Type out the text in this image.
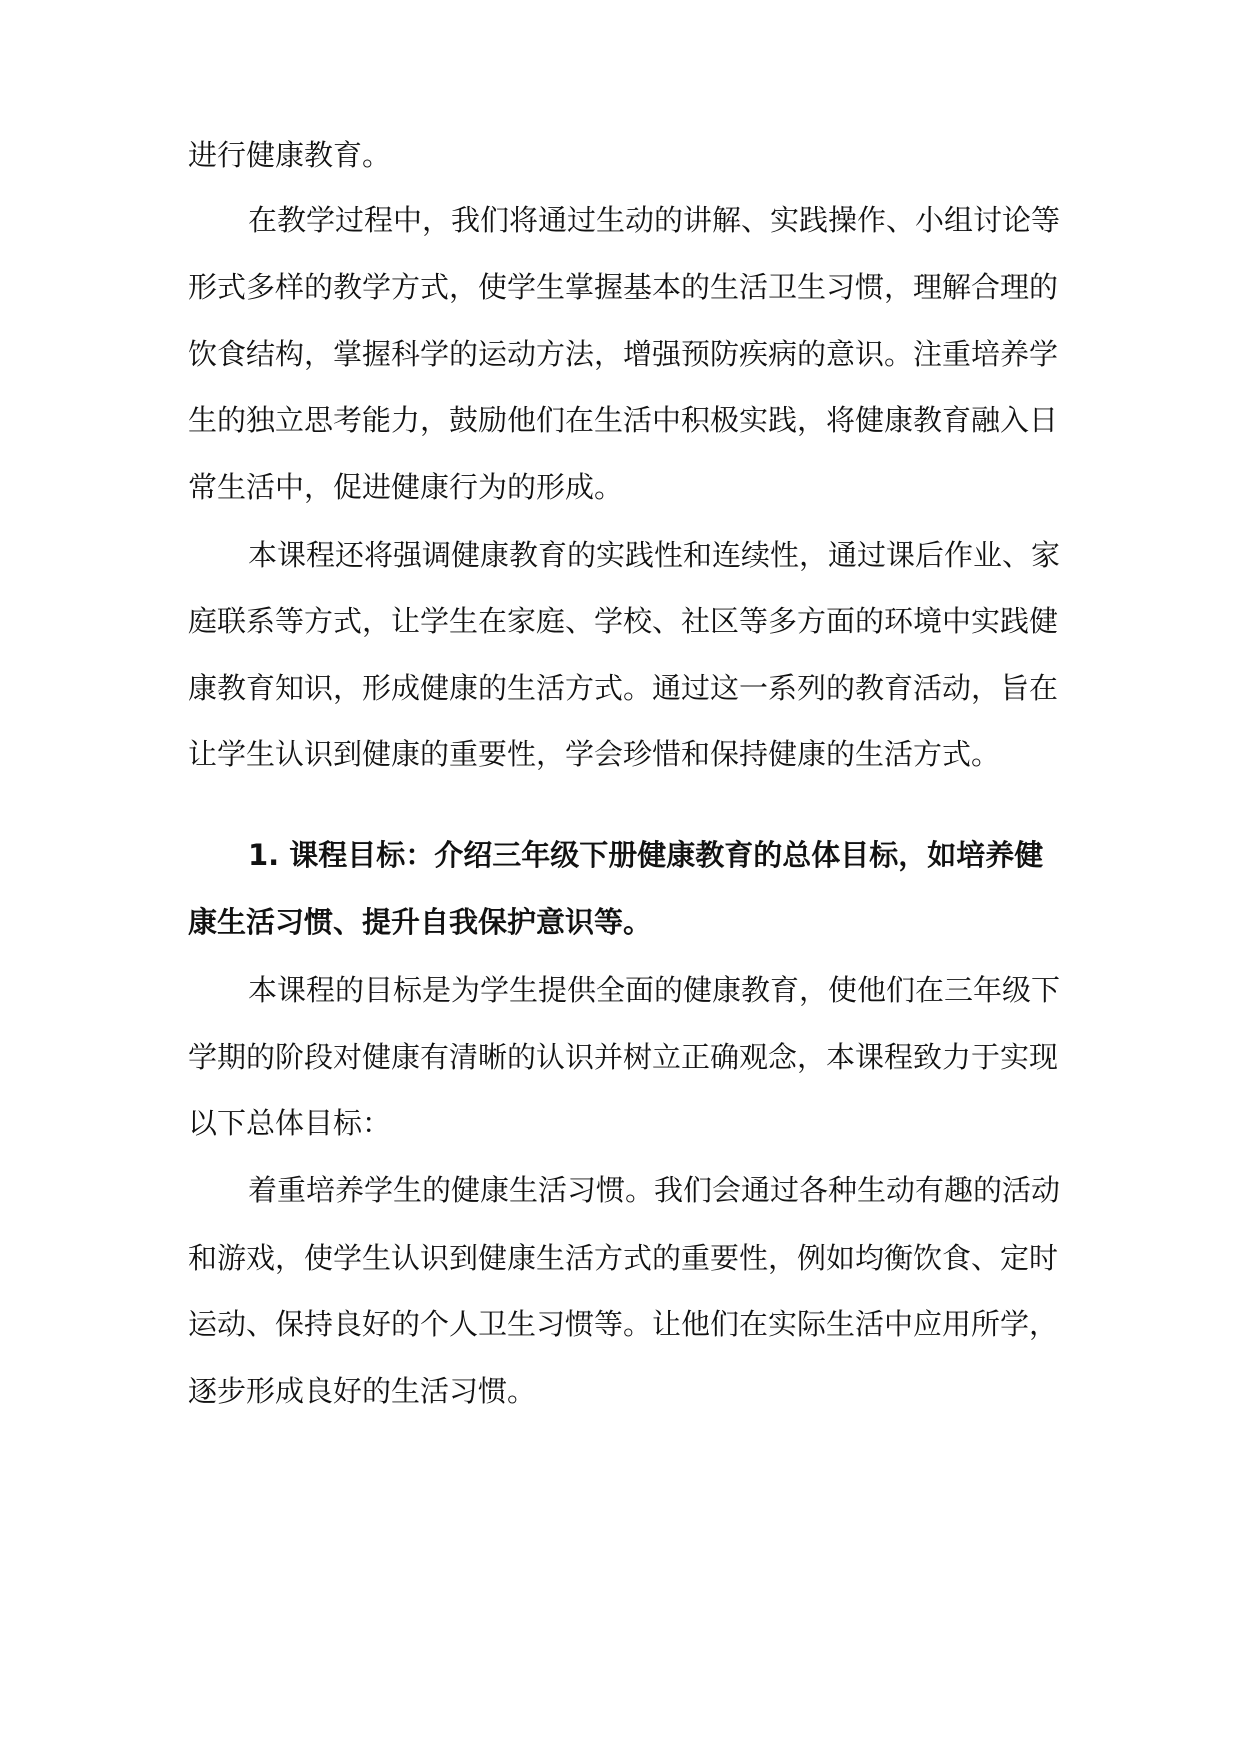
进行健康教育。

在教学过程中，我们将通过生动的讲解、实践操作、小组讨论等

形式多样的教学方式，使学生掌握基本的生活卫生习惯，理解合理的

饮食结构，掌握科学的运动方法，增强预防疾病的意识。注重培养学

生的独立思考能力，鼓励他们在生活中积极实践，将健康教育融入日

常生活中，促进健康行为的形成。

本课程还将强调健康教育的实践性和连续性，通过课后作业、家

庭联系等方式，让学生在家庭、学校、社区等多方面的环境中实践健

康教育知识，形成健康的生活方式。通过这一系列的教育活动，旨在

让学生认识到健康的重要性，学会珍惜和保持健康的生活方式。

1. 课程目标：介绍三年级下册健康教育的总体目标，如培养健

康生活习惯、提升自我保护意识等。

本课程的目标是为学生提供全面的健康教育，使他们在三年级下

学期的阶段对健康有清晰的认识并树立正确观念，本课程致力于实现

以下总体目标：

着重培养学生的健康生活习惯。我们会通过各种生动有趣的活动

和游戏，使学生认识到健康生活方式的重要性，例如均衡饮食、定时

运动、保持良好的个人卫生习惯等。让他们在实际生活中应用所学，

逐步形成良好的生活习惯。
